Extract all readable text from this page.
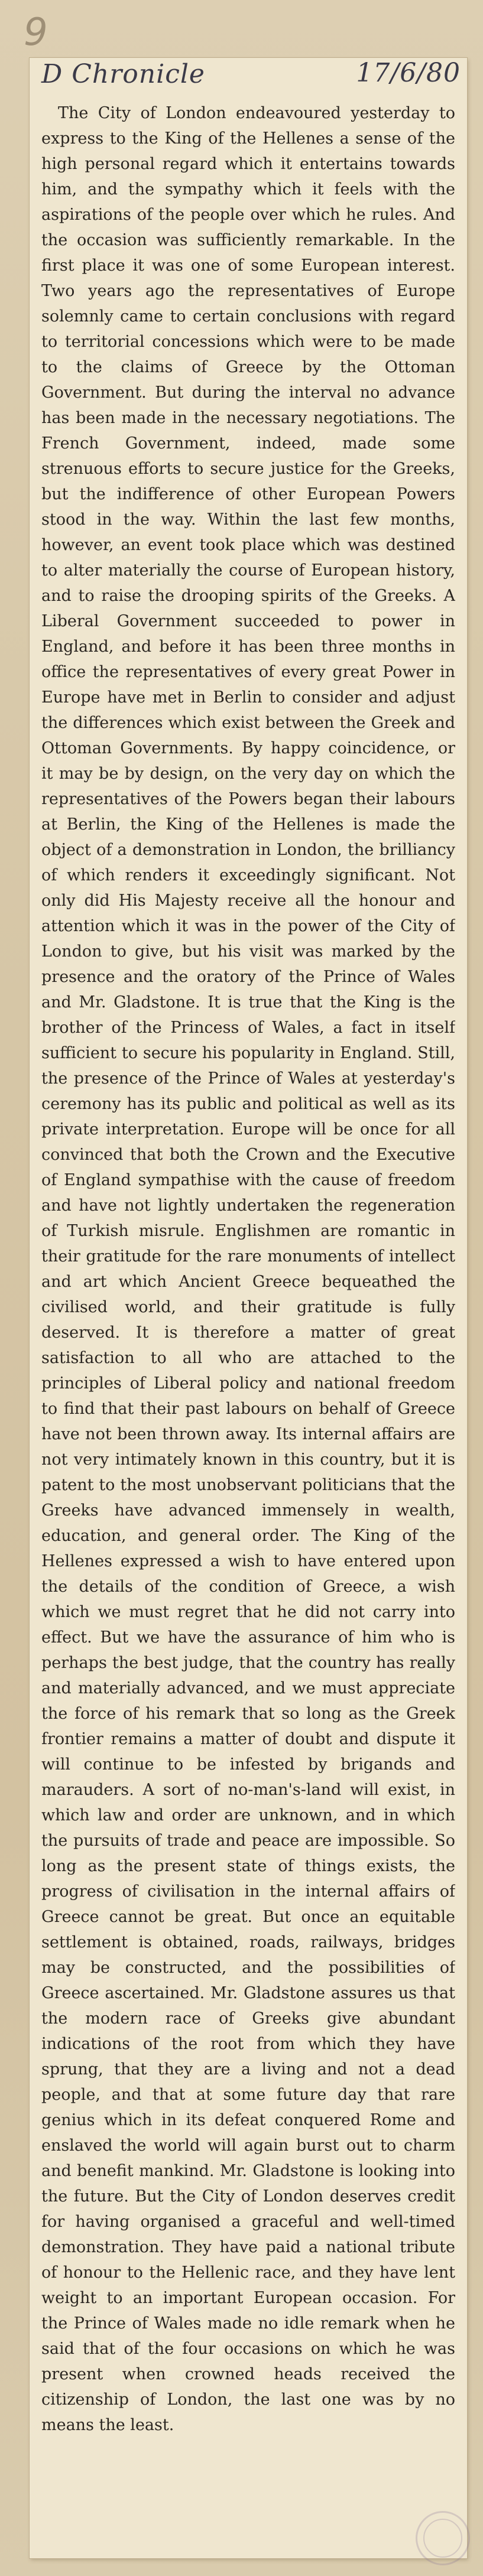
9
D Chronicle	17/6/80
The City of London endeavoured yesterday to express to the King of the Hellenes a sense of the high personal regard which it entertains towards him, and the sympathy which it feels with the aspirations of the people over which he rules. And the occasion was sufficiently remarkable. In the first place it was one of some European interest. Two years ago the representatives of Europe solemnly came to certain conclusions with regard to territorial concessions which were to be made to the claims of Greece by the Ottoman Government. But during the interval no advance has been made in the necessary negotiations. The French Government, indeed, made some strenuous efforts to secure justice for the Greeks, but the indifference of other European Powers stood in the way. Within the last few months, however, an event took place which was destined to alter materially the course of European history, and to raise the drooping spirits of the Greeks. A Liberal Government succeeded to power in England, and before it has been three months in office the representatives of every great Power in Europe have met in Berlin to consider and adjust the differences which exist between the Greek and Ottoman Governments. By happy coincidence, or it may be by design, on the very day on which the representatives of the Powers began their labours at Berlin, the King of the Hellenes is made the object of a demonstration in London, the brilliancy of which renders it exceedingly significant. Not only did His Majesty receive all the honour and attention which it was in the power of the City of London to give, but his visit was marked by the presence and the oratory of the Prince of Wales and Mr. Gladstone. It is true that the King is the brother of the Princess of Wales, a fact in itself sufficient to secure his popularity in England. Still, the presence of the Prince of Wales at yesterday's ceremony has its public and political as well as its private interpretation. Europe will be once for all convinced that both the Crown and the Executive of England sympathise with the cause of freedom and have not lightly undertaken the regeneration of Turkish misrule. Englishmen are romantic in their gratitude for the rare monuments of intellect and art which Ancient Greece bequeathed the civilised world, and their gratitude is fully deserved. It is therefore a matter of great satisfaction to all who are attached to the principles of Liberal policy and national freedom to find that their past labours on behalf of Greece have not been thrown away. Its internal affairs are not very intimately known in this country, but it is patent to the most unobservant politicians that the Greeks have advanced immensely in wealth, education, and general order. The King of the Hellenes expressed a wish to have entered upon the details of the condition of Greece, a wish which we must regret that he did not carry into effect. But we have the assurance of him who is perhaps the best judge, that the country has really and materially advanced, and we must appreciate the force of his remark that so long as the Greek frontier remains a matter of doubt and dispute it will continue to be infested by brigands and marauders. A sort of no-man's-land will exist, in which law and order are unknown, and in which the pursuits of trade and peace are impossible. So long as the present state of things exists, the progress of civilisation in the internal affairs of Greece cannot be great. But once an equitable settlement is obtained, roads, railways, bridges may be constructed, and the possibilities of Greece ascertained. Mr. Gladstone assures us that the modern race of Greeks give abundant indications of the root from which they have sprung, that they are a living and not a dead people, and that at some future day that rare genius which in its defeat conquered Rome and enslaved the world will again burst out to charm and benefit mankind. Mr. Gladstone is looking into the future. But the City of London deserves credit for having organised a graceful and well-timed demonstration. They have paid a national tribute of honour to the Hellenic race, and they have lent weight to an important European occasion. For the Prince of Wales made no idle remark when he said that of the four occasions on which he was present when crowned heads received the citizenship of London, the last one was by no means the least.
